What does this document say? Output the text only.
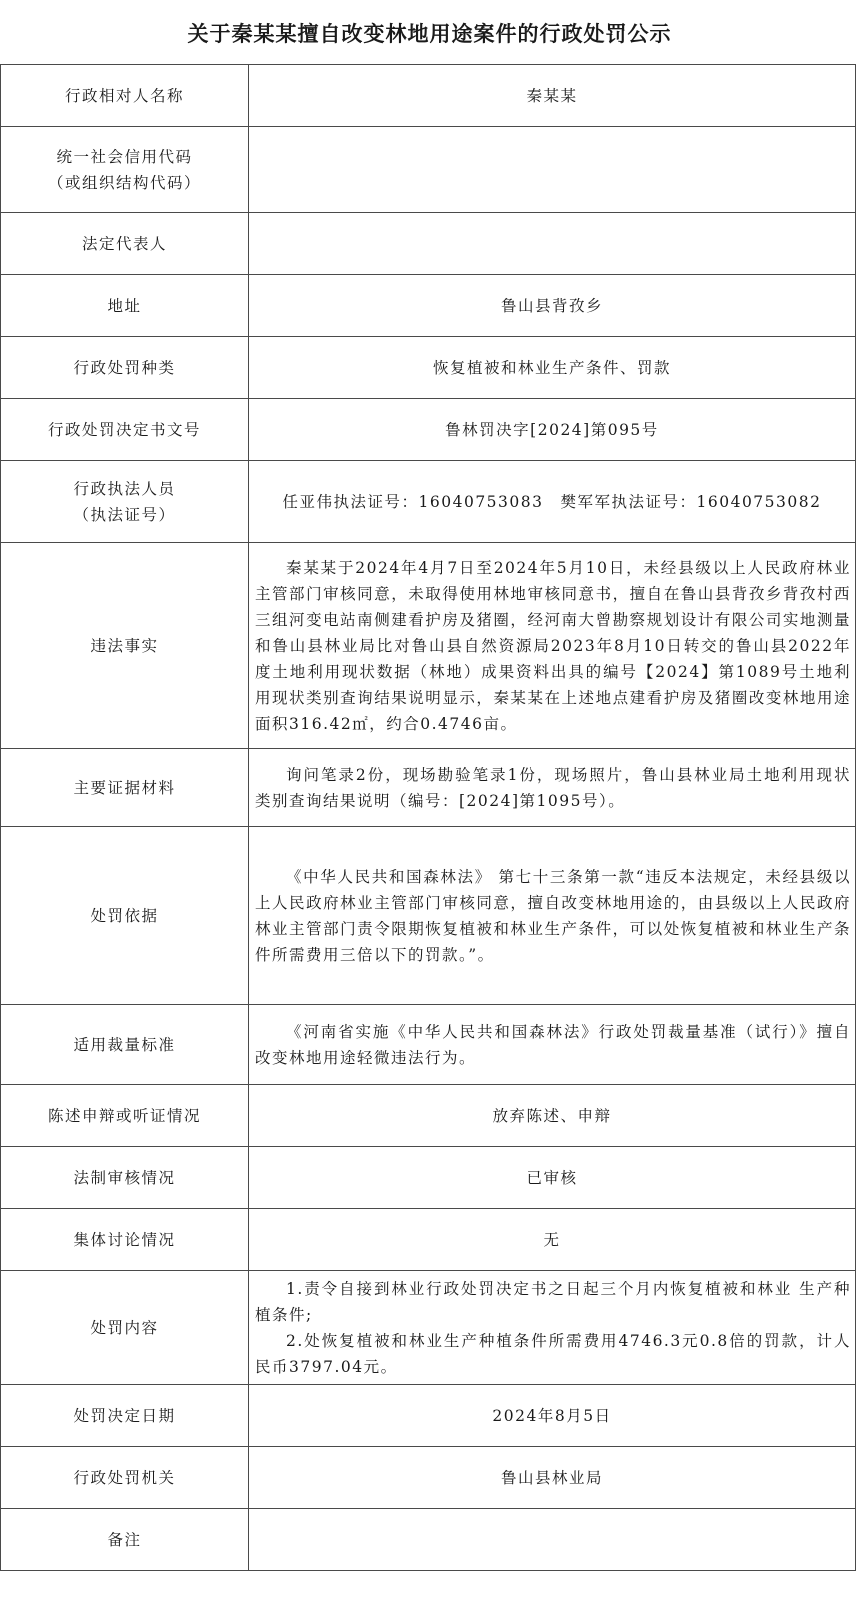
关于秦某某擅自改变林地用途案件的行政处罚公示
行政相对人名称	秦某某

统一社会信用代码
（或组织结构代码）	

法定代表人	
地址	鲁山县背孜乡
行政处罚种类	恢复植被和林业生产条件、罚款
行政处罚决定书文号	鲁林罚决字[2024]第095号

行政执法人员
（执法证号）	任亚伟执法证号：16040753083　樊军军执法证号：16040753082
违法事实	秦某某于2024年4月7日至2024年5月10日，未经县级以上人民政府林业主管部门审核同意，未取得使用林地审核同意书，擅自在鲁山县背孜乡背孜村西三组河变电站南侧建看护房及猪圈，经河南大曾勘察规划设计有限公司实地测量和鲁山县林业局比对鲁山县自然资源局2023年8月10日转交的鲁山县2022年度土地利用现状数据（林地）成果资料出具的编号【2024】第1089号土地利用现状类别查询结果说明显示，秦某某在上述地点建看护房及猪圈改变林地用途面积316.42㎡，约合0.4746亩。

主要证据材料	询问笔录2份，现场勘验笔录1份，现场照片，鲁山县林业局土地利用现状类别查询结果说明（编号：[2024]第1095号）。

处罚依据	《中华人民共和国森林法》 第七十三条第一款“违反本法规定，未经县级以上人民政府林业主管部门审核同意，擅自改变林地用途的，由县级以上人民政府林业主管部门责令限期恢复植被和林业生产条件，可以处恢复植被和林业生产条件所需费用三倍以下的罚款。”。

适用裁量标准	《河南省实施《中华人民共和国森林法》行政处罚裁量基准（试行）》擅自改变林地用途轻微违法行为。

陈述申辩或听证情况	放弃陈述、申辩
法制审核情况	已审核
集体讨论情况	无
处罚内容	1.责令自接到林业行政处罚决定书之日起三个月内恢复植被和林业 生产种植条件;

2.处恢复植被和林业生产种植条件所需费用4746.3元0.8倍的罚款，计人民币3797.04元。

处罚决定日期	2024年8月5日
行政处罚机关	鲁山县林业局
备注	
